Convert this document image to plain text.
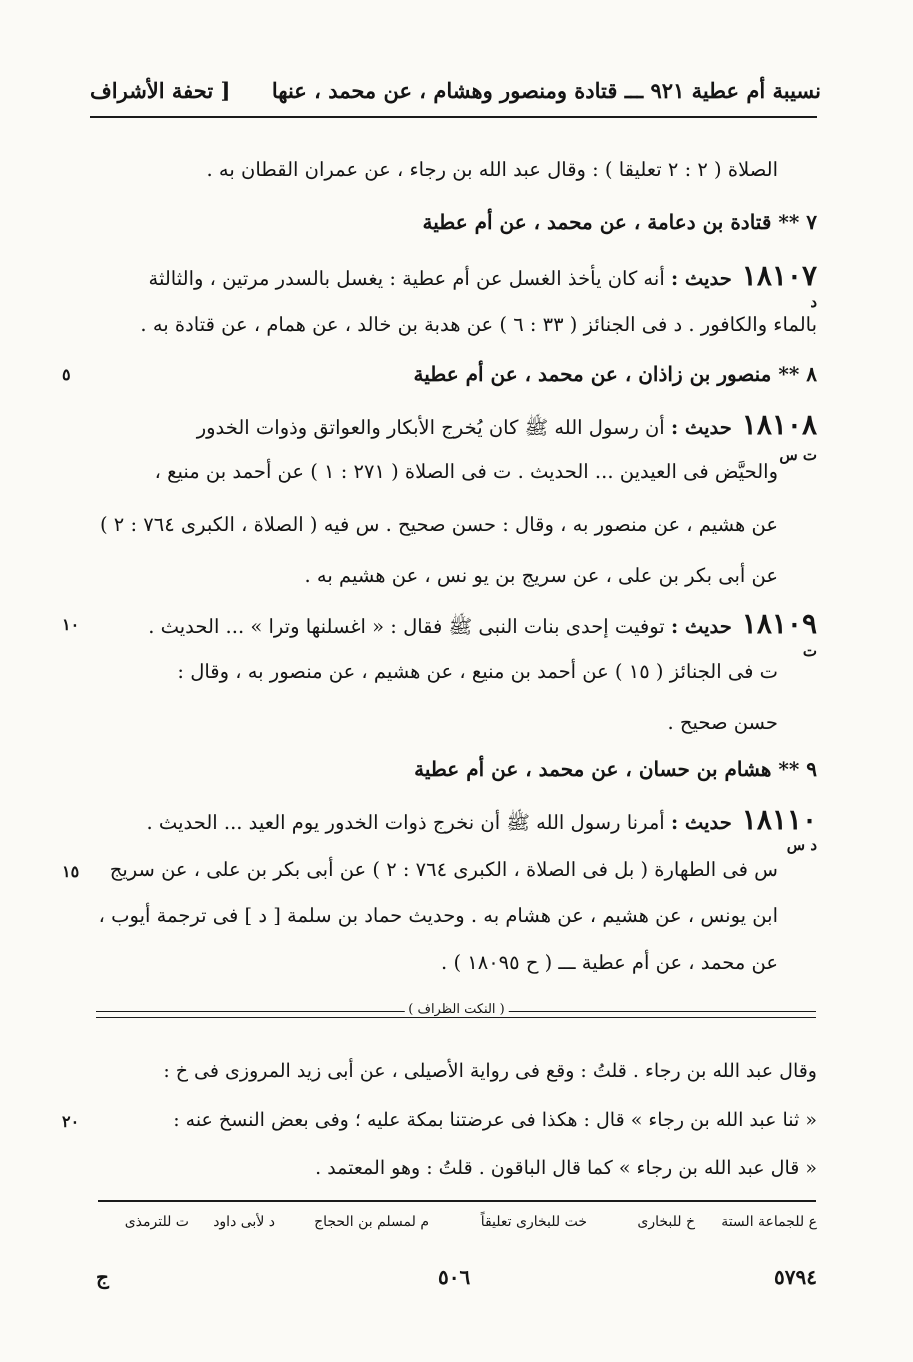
نسيبة أم عطية ٩٢١ ـــ قتادة ومنصور وهشام ، عن محمد ، عنها
[ تحفة الأشراف
الصلاة ( ٢ : ٢ تعليقا ) : وقال عبد الله بن رجاء ، عن عمران القطان به .
٧ ** قتادة بن دعامة ، عن محمد ، عن أم عطية
١٨١٠٧حديث : أنه كان يأخذ الغسل عن أم عطية : يغسل بالسدر مرتين ، والثالثة
د
بالماء والكافور . د فى الجنائز ( ٣٣ : ٦ ) عن هدبة بن خالد ، عن همام ، عن قتادة به .
٨ ** منصور بن زاذان ، عن محمد ، عن أم عطية
٥
١٨١٠٨حديث : أن رسول الله ﷺ كان يُخرج الأبكار والعواتق وذوات الخدور
ت س
والحيَّض فى العيدين ... الحديث . ت فى الصلاة ( ٢٧١ : ١ ) عن أحمد بن منيع ،
عن هشيم ، عن منصور به ، وقال : حسن صحيح . س فيه ( الصلاة ، الكبرى ٧٦٤ : ٢ )
عن أبى بكر بن على ، عن سريج بن يو نس ، عن هشيم به .
١٨١٠٩حديث : توفيت إحدى بنات النبى ﷺ فقال : « اغسلنها وترا » ... الحديث .
١٠
ت
ت فى الجنائز ( ١٥ ) عن أحمد بن منيع ، عن هشيم ، عن منصور به ، وقال :
حسن صحيح .
٩ ** هشام بن حسان ، عن محمد ، عن أم عطية
١٨١١٠حديث : أمرنا رسول الله ﷺ أن نخرج ذوات الخدور يوم العيد ... الحديث .
د س
س فى الطهارة ( بل فى الصلاة ، الكبرى ٧٦٤ : ٢ ) عن أبى بكر بن على ، عن سريج
١٥
ابن يونس ، عن هشيم ، عن هشام به . وحديث حماد بن سلمة [ د ] فى ترجمة أيوب ،
عن محمد ، عن أم عطية ـــ ( ح ١٨٠٩٥ ) .
( النكت الظراف )
وقال عبد الله بن رجاء . قلتُ : وقع فى رواية الأصيلى ، عن أبى زيد المروزى فى خ :
« ثنا عبد الله بن رجاء » قال : هكذا فى عرضتنا بمكة عليه ؛ وفى بعض النسخ عنه :
٢٠
« قال عبد الله بن رجاء » كما قال الباقون . قلتُ : وهو المعتمد .
ع للجماعة الستة
خ للبخارى
خت للبخارى تعليقاً
م لمسلم بن الحجاج
د لأبى داود
ت للترمذى
٥٧٩٤
٥٠٦
ج
